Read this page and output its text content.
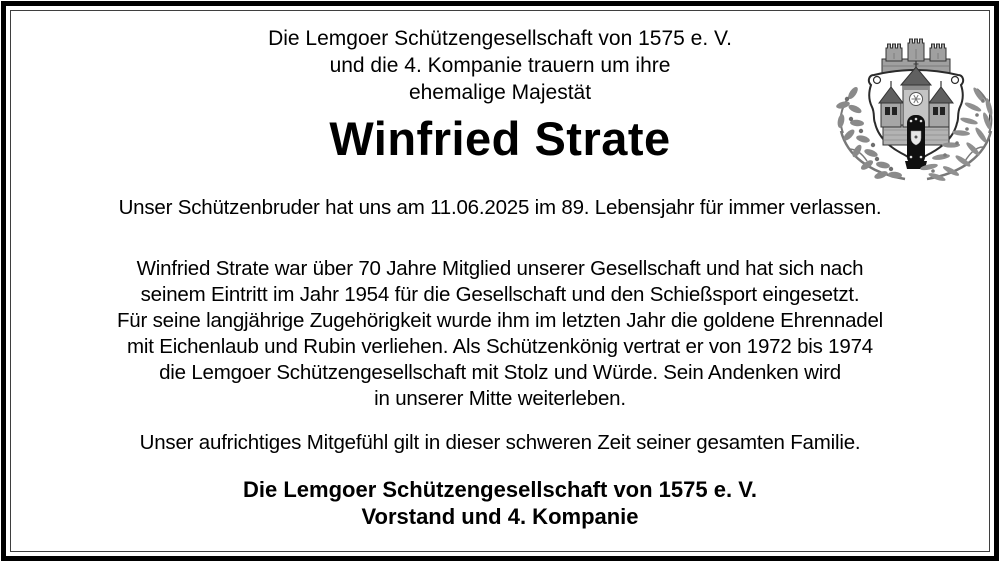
Die Lemgoer Schützengesellschaft von 1575 e. V.
und die 4. Kompanie trauern um ihre
ehemalige Majestät
Winfried Strate
Unser Schützenbruder hat uns am 11.06.2025 im 89. Lebensjahr für immer verlassen.
Winfried Strate war über 70 Jahre Mitglied unserer Gesellschaft und hat sich nach
seinem Eintritt im Jahr 1954 für die Gesellschaft und den Schießsport eingesetzt.
Für seine langjährige Zugehörigkeit wurde ihm im letzten Jahr die goldene Ehrennadel
mit Eichenlaub und Rubin verliehen. Als Schützenkönig vertrat er von 1972 bis 1974
die Lemgoer Schützengesellschaft mit Stolz und Würde. Sein Andenken wird
in unserer Mitte weiterleben.
Unser aufrichtiges Mitgefühl gilt in dieser schweren Zeit seiner gesamten Familie.
Die Lemgoer Schützengesellschaft von 1575 e. V.
Vorstand und 4. Kompanie
